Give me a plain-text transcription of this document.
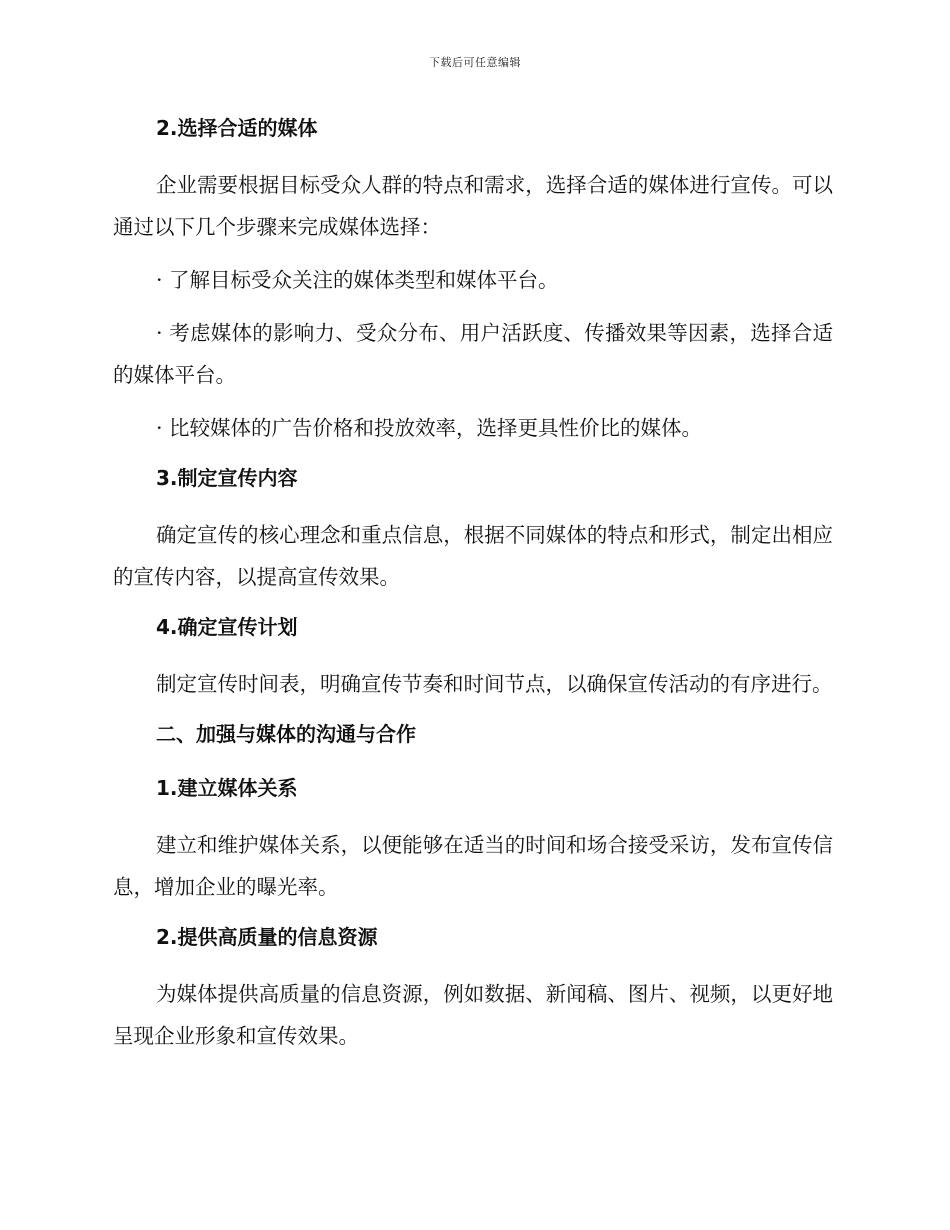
下载后可任意编辑
2.选择合适的媒体
企业需要根据目标受众人群的特点和需求，选择合适的媒体进行宣传。可以通过以下几个步骤来完成媒体选择：
· 了解目标受众关注的媒体类型和媒体平台。
· 考虑媒体的影响力、受众分布、用户活跃度、传播效果等因素，选择合适的媒体平台。
· 比较媒体的广告价格和投放效率，选择更具性价比的媒体。
3.制定宣传内容
确定宣传的核心理念和重点信息，根据不同媒体的特点和形式，制定出相应的宣传内容，以提高宣传效果。
4.确定宣传计划
制定宣传时间表，明确宣传节奏和时间节点，以确保宣传活动的有序进行。
二、加强与媒体的沟通与合作
1.建立媒体关系
建立和维护媒体关系，以便能够在适当的时间和场合接受采访，发布宣传信息，增加企业的曝光率。
2.提供高质量的信息资源
为媒体提供高质量的信息资源，例如数据、新闻稿、图片、视频，以更好地呈现企业形象和宣传效果。
